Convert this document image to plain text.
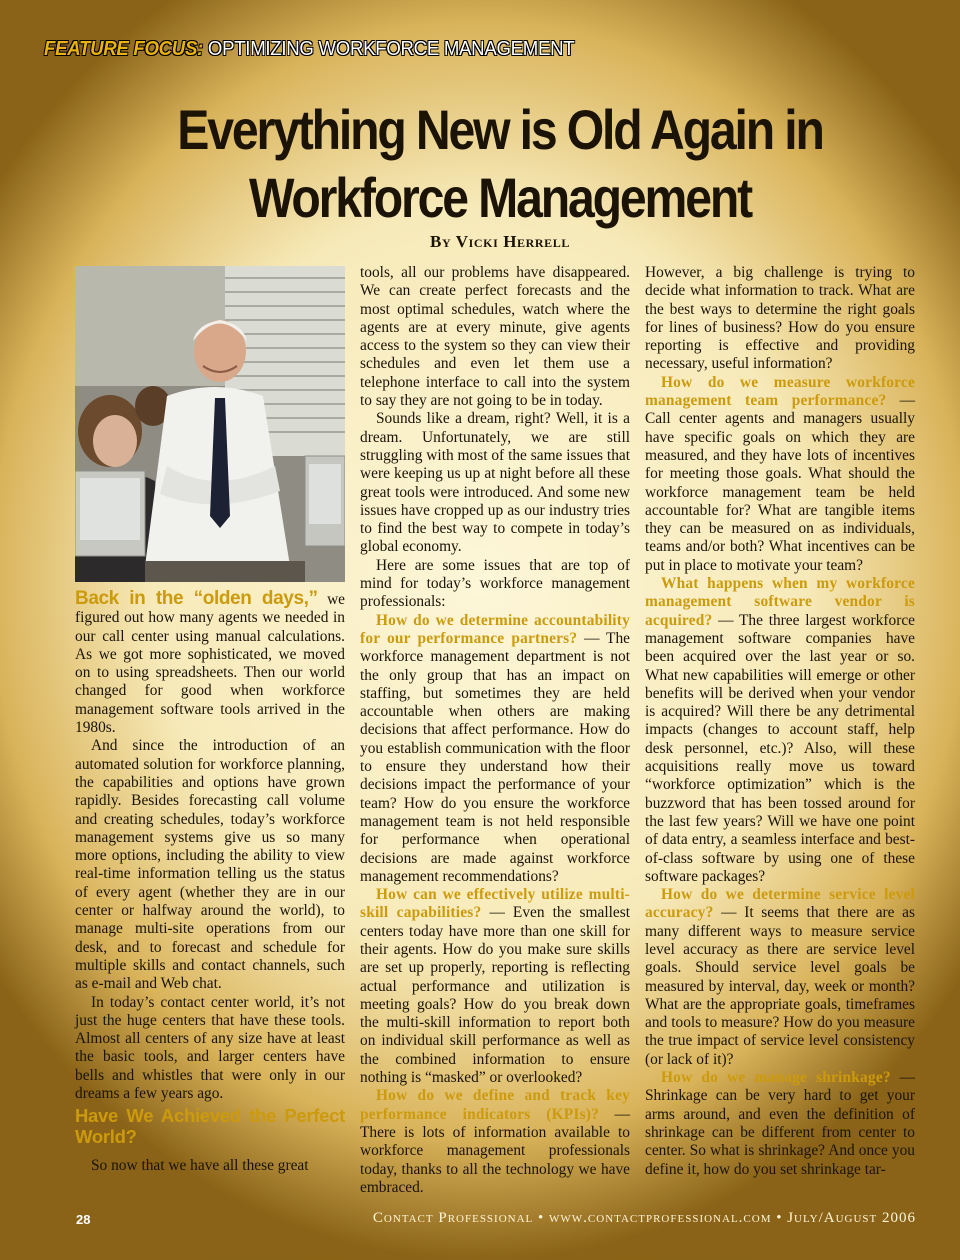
FEATURE FOCUS: OPTIMIZING WORKFORCE MANAGEMENT
Everything New is Old Again in
Workforce Management
By Vicki Herrell

Back in the “olden days,” we figured out how many agents we needed in our call center using manual calculations. As we got more sophisticated, we moved on to using spreadsheets. Then our world changed for good when workforce management software tools arrived in the 1980s.

And since the introduction of an automated solution for workforce planning, the capabilities and options have grown rapidly. Besides forecasting call volume and creating schedules, today’s workforce management systems give us so many more options, including the ability to view real-time information telling us the status of every agent (whether they are in our center or halfway around the world), to manage multi-site operations from our desk, and to forecast and schedule for multiple skills and contact channels, such as e-mail and Web chat.

In today’s contact center world, it’s not just the huge centers that have these tools. Almost all centers of any size have at least the basic tools, and larger centers have bells and whistles that were only in our dreams a few years ago.

Have We Achieved the Perfect World?

So now that we have all these great

tools, all our problems have disappeared. We can create perfect forecasts and the most optimal schedules, watch where the agents are at every minute, give agents access to the system so they can view their schedules and even let them use a telephone interface to call into the system to say they are not going to be in today.

Sounds like a dream, right? Well, it is a dream. Unfortunately, we are still struggling with most of the same issues that were keeping us up at night before all these great tools were introduced. And some new issues have cropped up as our industry tries to find the best way to compete in today’s global economy.

Here are some issues that are top of mind for today’s workforce management professionals:

How do we determine accountability for our performance partners? — The workforce management department is not the only group that has an impact on staffing, but sometimes they are held accountable when others are making decisions that affect performance. How do you establish communication with the floor to ensure they understand how their decisions impact the performance of your team? How do you ensure the workforce management team is not held responsible for performance when operational decisions are made against workforce management recommendations?

How can we effectively utilize multi-skill capabilities? — Even the smallest centers today have more than one skill for their agents. How do you make sure skills are set up properly, reporting is reflecting actual performance and utilization is meeting goals? How do you break down the multi-skill information to report both on individual skill performance as well as the combined information to ensure nothing is “masked” or overlooked?

How do we define and track key performance indicators (KPIs)? — There is lots of information available to workforce management professionals today, thanks to all the technology we have embraced.

However, a big challenge is trying to decide what information to track. What are the best ways to determine the right goals for lines of business? How do you ensure reporting is effective and providing necessary, useful information?

How do we measure workforce management team performance? — Call center agents and managers usually have specific goals on which they are measured, and they have lots of incentives for meeting those goals. What should the workforce management team be held accountable for? What are tangible items they can be measured on as individuals, teams and/or both? What incentives can be put in place to motivate your team?

What happens when my workforce management software vendor is acquired? — The three largest workforce management software companies have been acquired over the last year or so. What new capabilities will emerge or other benefits will be derived when your vendor is acquired? Will there be any detrimental impacts (changes to account staff, help desk personnel, etc.)? Also, will these acquisitions really move us toward “workforce optimization” which is the buzzword that has been tossed around for the last few years? Will we have one point of data entry, a seamless interface and best-of-class software by using one of these software packages?

How do we determine service level accuracy? — It seems that there are as many different ways to measure service level accuracy as there are service level goals. Should service level goals be measured by interval, day, week or month? What are the appropriate goals, timeframes and tools to measure? How do you measure the true impact of service level consistency (or lack of it)?

How do we manage shrinkage? — Shrinkage can be very hard to get your arms around, and even the definition of shrinkage can be different from center to center. So what is shrinkage? And once you define it, how do you set shrinkage tar-

28	Contact Professional • www.contactprofessional.com • July/August 2006
